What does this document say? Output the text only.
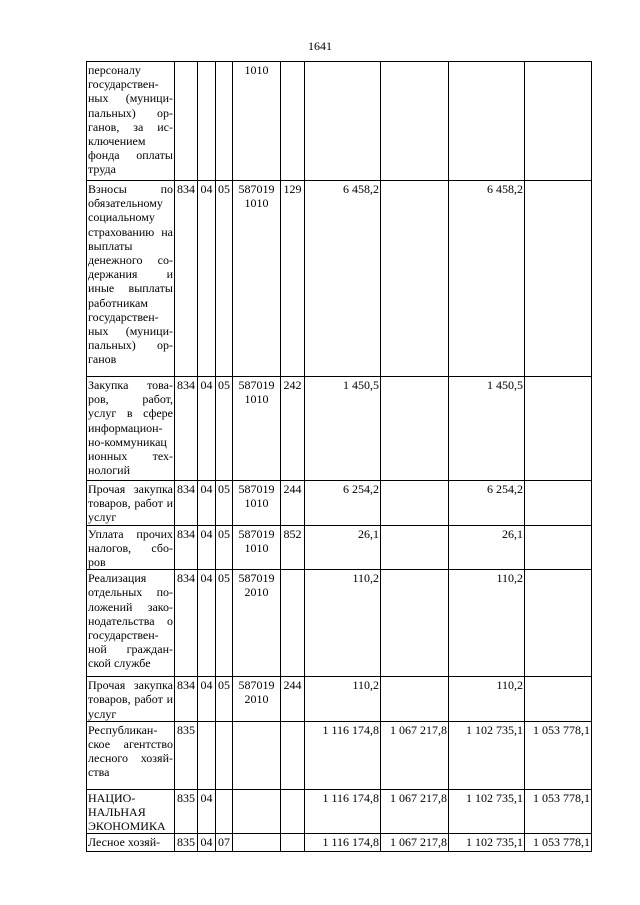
1641
персоналу государствен-ных (муници-пальных) ор-ганов, за ис-ключением фонда оплаты труда				1010					
Взносы по обязательному социальному страхованию на выплаты денежного со-держания и иные выплаты работникам государствен-ных (муници-пальных) ор-ганов	834	04	05	587019 1010	129	6 458,2		6 458,2	
Закупка това-ров, работ, услуг в сфере информацион-но-коммуникац ионных тех-нологий	834	04	05	587019 1010	242	1 450,5		1 450,5	
Прочая закупка товаров, работ и услуг	834	04	05	587019 1010	244	6 254,2		6 254,2	
Уплата прочих налогов, сбо-ров	834	04	05	587019 1010	852	26,1		26,1	
Реализация отдельных по-ложений зако-нодательства о государствен-ной граждан-ской службе	834	04	05	587019 2010		110,2		110,2	
Прочая закупка товаров, работ и услуг	834	04	05	587019 2010	244	110,2		110,2	
Республикан-ское агентство лесного хозяй-ства	835					1 116 174,8	1 067 217,8	1 102 735,1	1 053 778,1
НАЦИО-НАЛЬНАЯ ЭКОНОМИКА	835	04				1 116 174,8	1 067 217,8	1 102 735,1	1 053 778,1
Лесное хозяй-	835	04	07			1 116 174,8	1 067 217,8	1 102 735,1	1 053 778,1
